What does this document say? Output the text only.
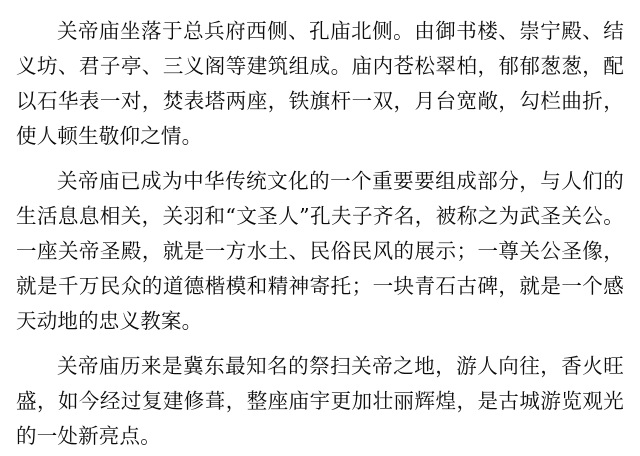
关帝庙坐落于总兵府西侧、孔庙北侧。由御书楼、崇宁殿、结义坊、君子亭、三义阁等建筑组成。庙内苍松翠柏，郁郁葱葱，配以石华表一对，焚表塔两座，铁旗杆一双，月台宽敞，勾栏曲折，使人顿生敬仰之情。

关帝庙已成为中华传统文化的一个重要要组成部分，与人们的生活息息相关，关羽和“文圣人”孔夫子齐名，被称之为武圣关公。一座关帝圣殿，就是一方水土、民俗民风的展示；一尊关公圣像，就是千万民众的道德楷模和精神寄托；一块青石古碑，就是一个感天动地的忠义教案。

关帝庙历来是冀东最知名的祭扫关帝之地，游人向往，香火旺盛，如今经过复建修葺，整座庙宇更加壮丽辉煌，是古城游览观光的一处新亮点。
